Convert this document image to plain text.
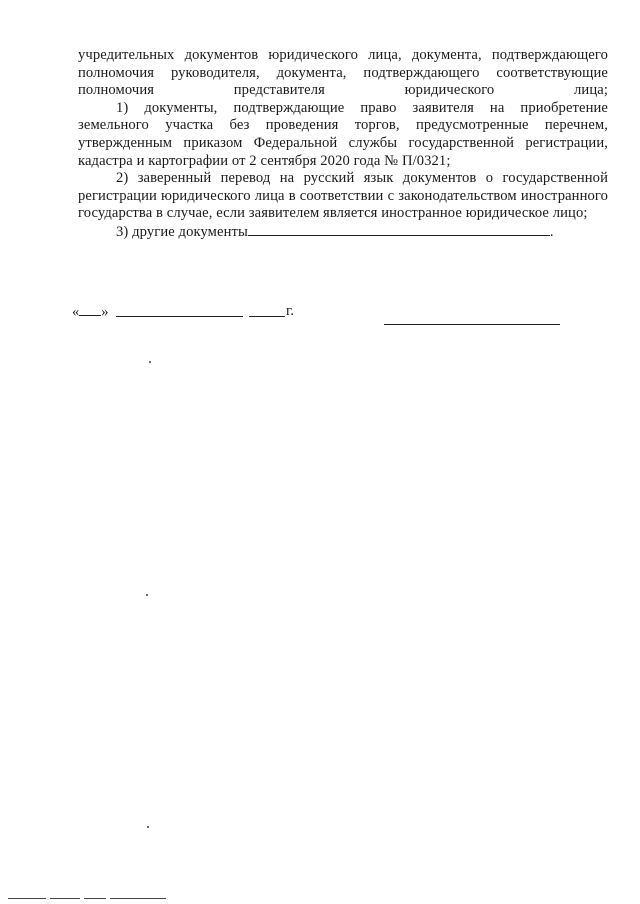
учредительных документов юридического лица, документа, подтверждающего полномочия руководителя, документа, подтверждающего соответствующие полномочия представителя юридического лица;

1) документы, подтверждающие право заявителя на приобретение земельного участка без проведения торгов, предусмотренные перечнем, утвержденным приказом Федеральной службы государственной регистрации, кадастра и картографии от 2 сентября 2020 года № П/0321;

2) заверенный перевод на русский язык документов о государственной регистрации юридического лица в соответствии с законодательством иностранного государства в случае, если заявителем является иностранное юридическое лицо;

3) другие документы	.

« »	г.
